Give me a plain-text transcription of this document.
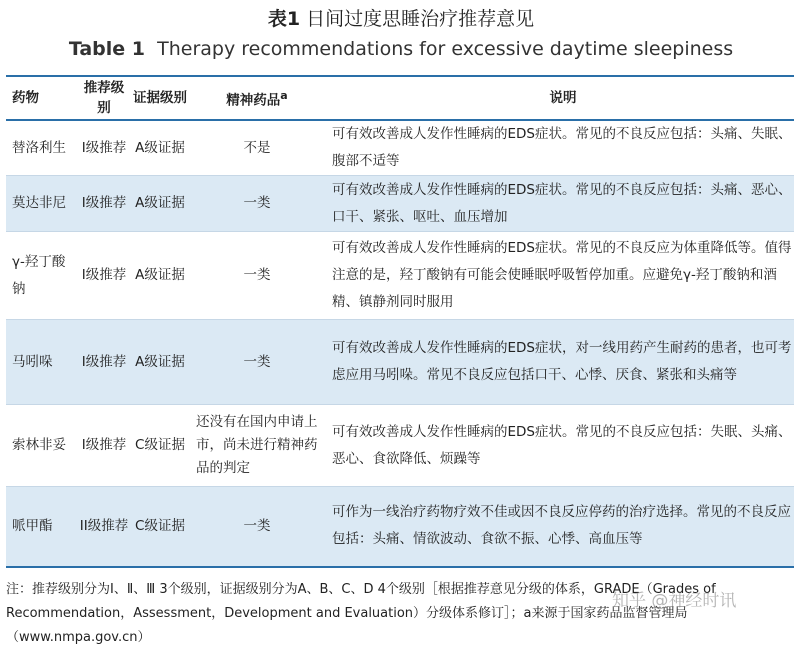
表1 日间过度思睡治疗推荐意见
Table 1 Therapy recommendations for excessive daytime sleepiness
药物	推荐级别	证据级别	精神药品$^a$	说明
替洛利生	I级推荐	A级证据	不是	可有效改善成人发作性睡病的EDS症状。常见的不良反应包括：头痛、失眠、腹部不适等
莫达非尼	I级推荐	A级证据	一类	可有效改善成人发作性睡病的EDS症状。常见的不良反应包括：头痛、恶心、口干、紧张、呕吐、血压增加
γ-羟丁酸钠	I级推荐	A级证据	一类	可有效改善成人发作性睡病的EDS症状。常见的不良反应为体重降低等。值得注意的是，羟丁酸钠有可能会使睡眠呼吸暂停加重。应避免γ-羟丁酸钠和酒精、镇静剂同时服用
马吲哚	I级推荐	A级证据	一类	可有效改善成人发作性睡病的EDS症状，对一线用药产生耐药的患者，也可考虑应用马吲哚。常见不良反应包括口干、心悸、厌食、紧张和头痛等
索林非妥	I级推荐	C级证据	还没有在国内申请上市，尚未进行精神药品的判定	可有效改善成人发作性睡病的EDS症状。常见的不良反应包括：失眠、头痛、恶心、食欲降低、烦躁等
哌甲酯	II级推荐	C级证据	一类	可作为一线治疗药物疗效不佳或因不良反应停药的治疗选择。常见的不良反应包括：头痛、情欲波动、食欲不振、心悸、高血压等
注：推荐级别分为Ⅰ、Ⅱ、Ⅲ 3个级别，证据级别分为A、B、C、D 4个级别［根据推荐意见分级的体系，GRADE（Grades of
Recommendation，Assessment，Development and Evaluation）分级体系修订］；a来源于国家药品监督管理局（www.nmpa.gov.cn）
知乎 @神经时讯
